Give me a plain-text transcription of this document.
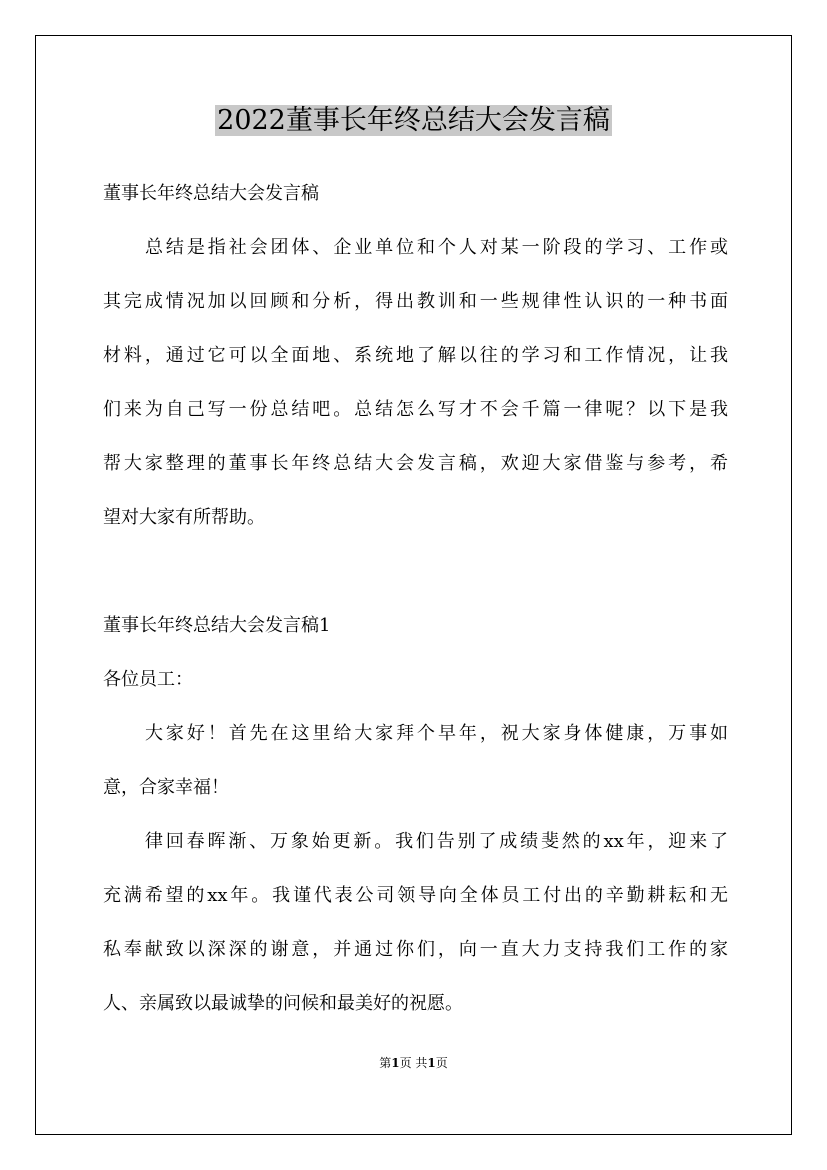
2022董事长年终总结大会发言稿

董事长年终总结大会发言稿

总结是指社会团体、企业单位和个人对某一阶段的学习、工作或

其完成情况加以回顾和分析，得出教训和一些规律性认识的一种书面

材料，通过它可以全面地、系统地了解以往的学习和工作情况，让我

们来为自己写一份总结吧。总结怎么写才不会千篇一律呢？以下是我

帮大家整理的董事长年终总结大会发言稿，欢迎大家借鉴与参考，希

望对大家有所帮助。

董事长年终总结大会发言稿1

各位员工：

大家好！首先在这里给大家拜个早年，祝大家身体健康，万事如

意，合家幸福！

律回春晖渐、万象始更新。我们告别了成绩斐然的xx年，迎来了

充满希望的xx年。我谨代表公司领导向全体员工付出的辛勤耕耘和无

私奉献致以深深的谢意，并通过你们，向一直大力支持我们工作的家

人、亲属致以最诚挚的问候和最美好的祝愿。

第1页 共1页
